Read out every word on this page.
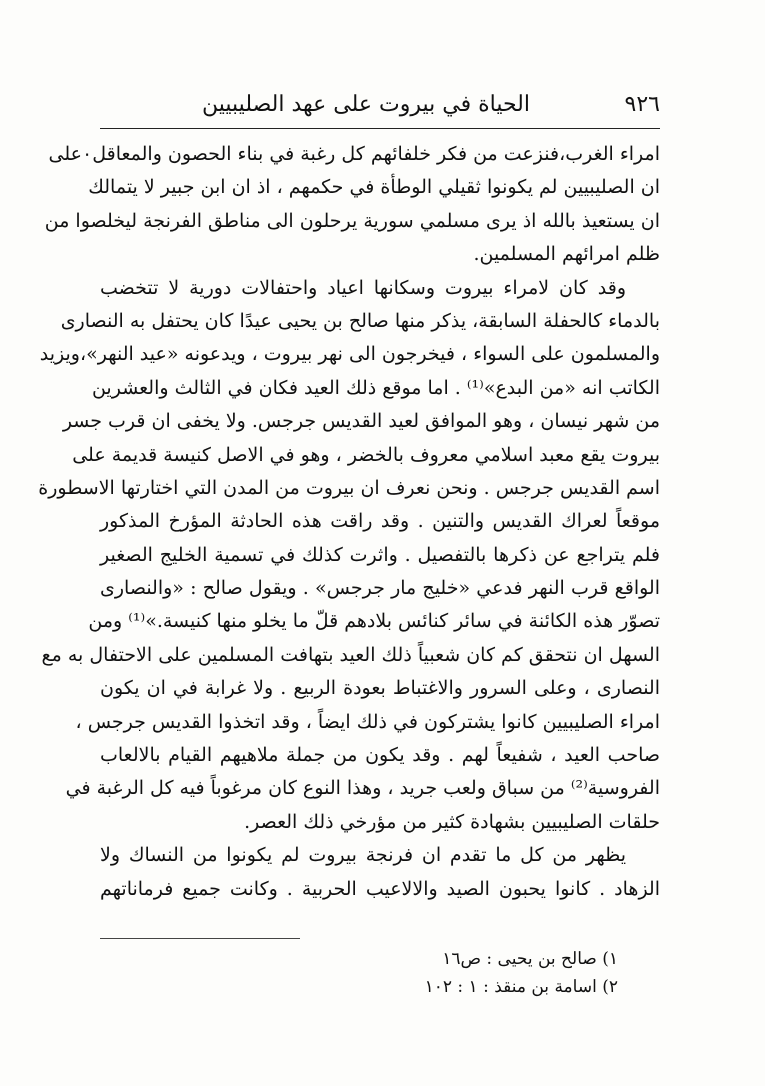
٩٢٦
الحياة في بيروت على عهد الصليبيين
امراء الغرب،فنزعت من فكر خلفائهم كل رغبة في بناء الحصون والمعاقل٠على
ان الصليبيين لم يكونوا ثقيلي الوطأة في حكمهم ، اذ ان ابن جبير لا يتمالك
ان يستعيذ بالله اذ يرى مسلمي سورية يرحلون الى مناطق الفرنجة ليخلصوا من
ظلم امرائهم المسلمين.
وقد كان لامراء بيروت وسكانها اعياد واحتفالات دورية لا تتخضب
بالدماء كالحفلة السابقة، يذكر منها صالح بن يحيى عيدًا كان يحتفل به النصارى
والمسلمون على السواء ، فيخرجون الى نهر بيروت ، ويدعونه «عيد النهر»،ويزيد
الكاتب انه «من البدع»⁽¹⁾ . اما موقع ذلك العيد فكان في الثالث والعشرين
من شهر نيسان ، وهو الموافق لعيد القديس جرجس. ولا يخفى ان قرب جسر
بيروت يقع معبد اسلامي معروف بالخضر ، وهو في الاصل كنيسة قديمة على
اسم القديس جرجس . ونحن نعرف ان بيروت من المدن التي اختارتها الاسطورة
موقعاً لعراك القديس والتنين . وقد راقت هذه الحادثة المؤرخ المذكور
فلم يتراجع عن ذكرها بالتفصيل . واثرت كذلك في تسمية الخليج الصغير
الواقع قرب النهر فدعي «خليج مار جرجس» . ويقول صالح : «والنصارى
تصوّر هذه الكائنة في سائر كنائس بلادهم قلّ ما يخلو منها كنيسة.»⁽¹⁾ ومن
السهل ان نتحقق كم كان شعبياً ذلك العيد بتهافت المسلمين على الاحتفال به مع
النصارى ، وعلى السرور والاغتباط بعودة الربيع . ولا غرابة في ان يكون
امراء الصليبيين كانوا يشتركون في ذلك ايضاً ، وقد اتخذوا القديس جرجس ،
صاحب العيد ، شفيعاً لهم . وقد يكون من جملة ملاهيهم القيام بالالعاب
الفروسية⁽²⁾ من سباق ولعب جريد ، وهذا النوع كان مرغوباً فيه كل الرغبة في
حلقات الصليبيين بشهادة كثير من مؤرخي ذلك العصر.
يظهر من كل ما تقدم ان فرنجة بيروت لم يكونوا من النساك ولا
الزهاد . كانوا يحبون الصيد والالاعيب الحربية . وكانت جميع فرماناتهم
١) صالح بن يحيى : ص١٦
٢) اسامة بن منقذ : ١ : ١٠٢
